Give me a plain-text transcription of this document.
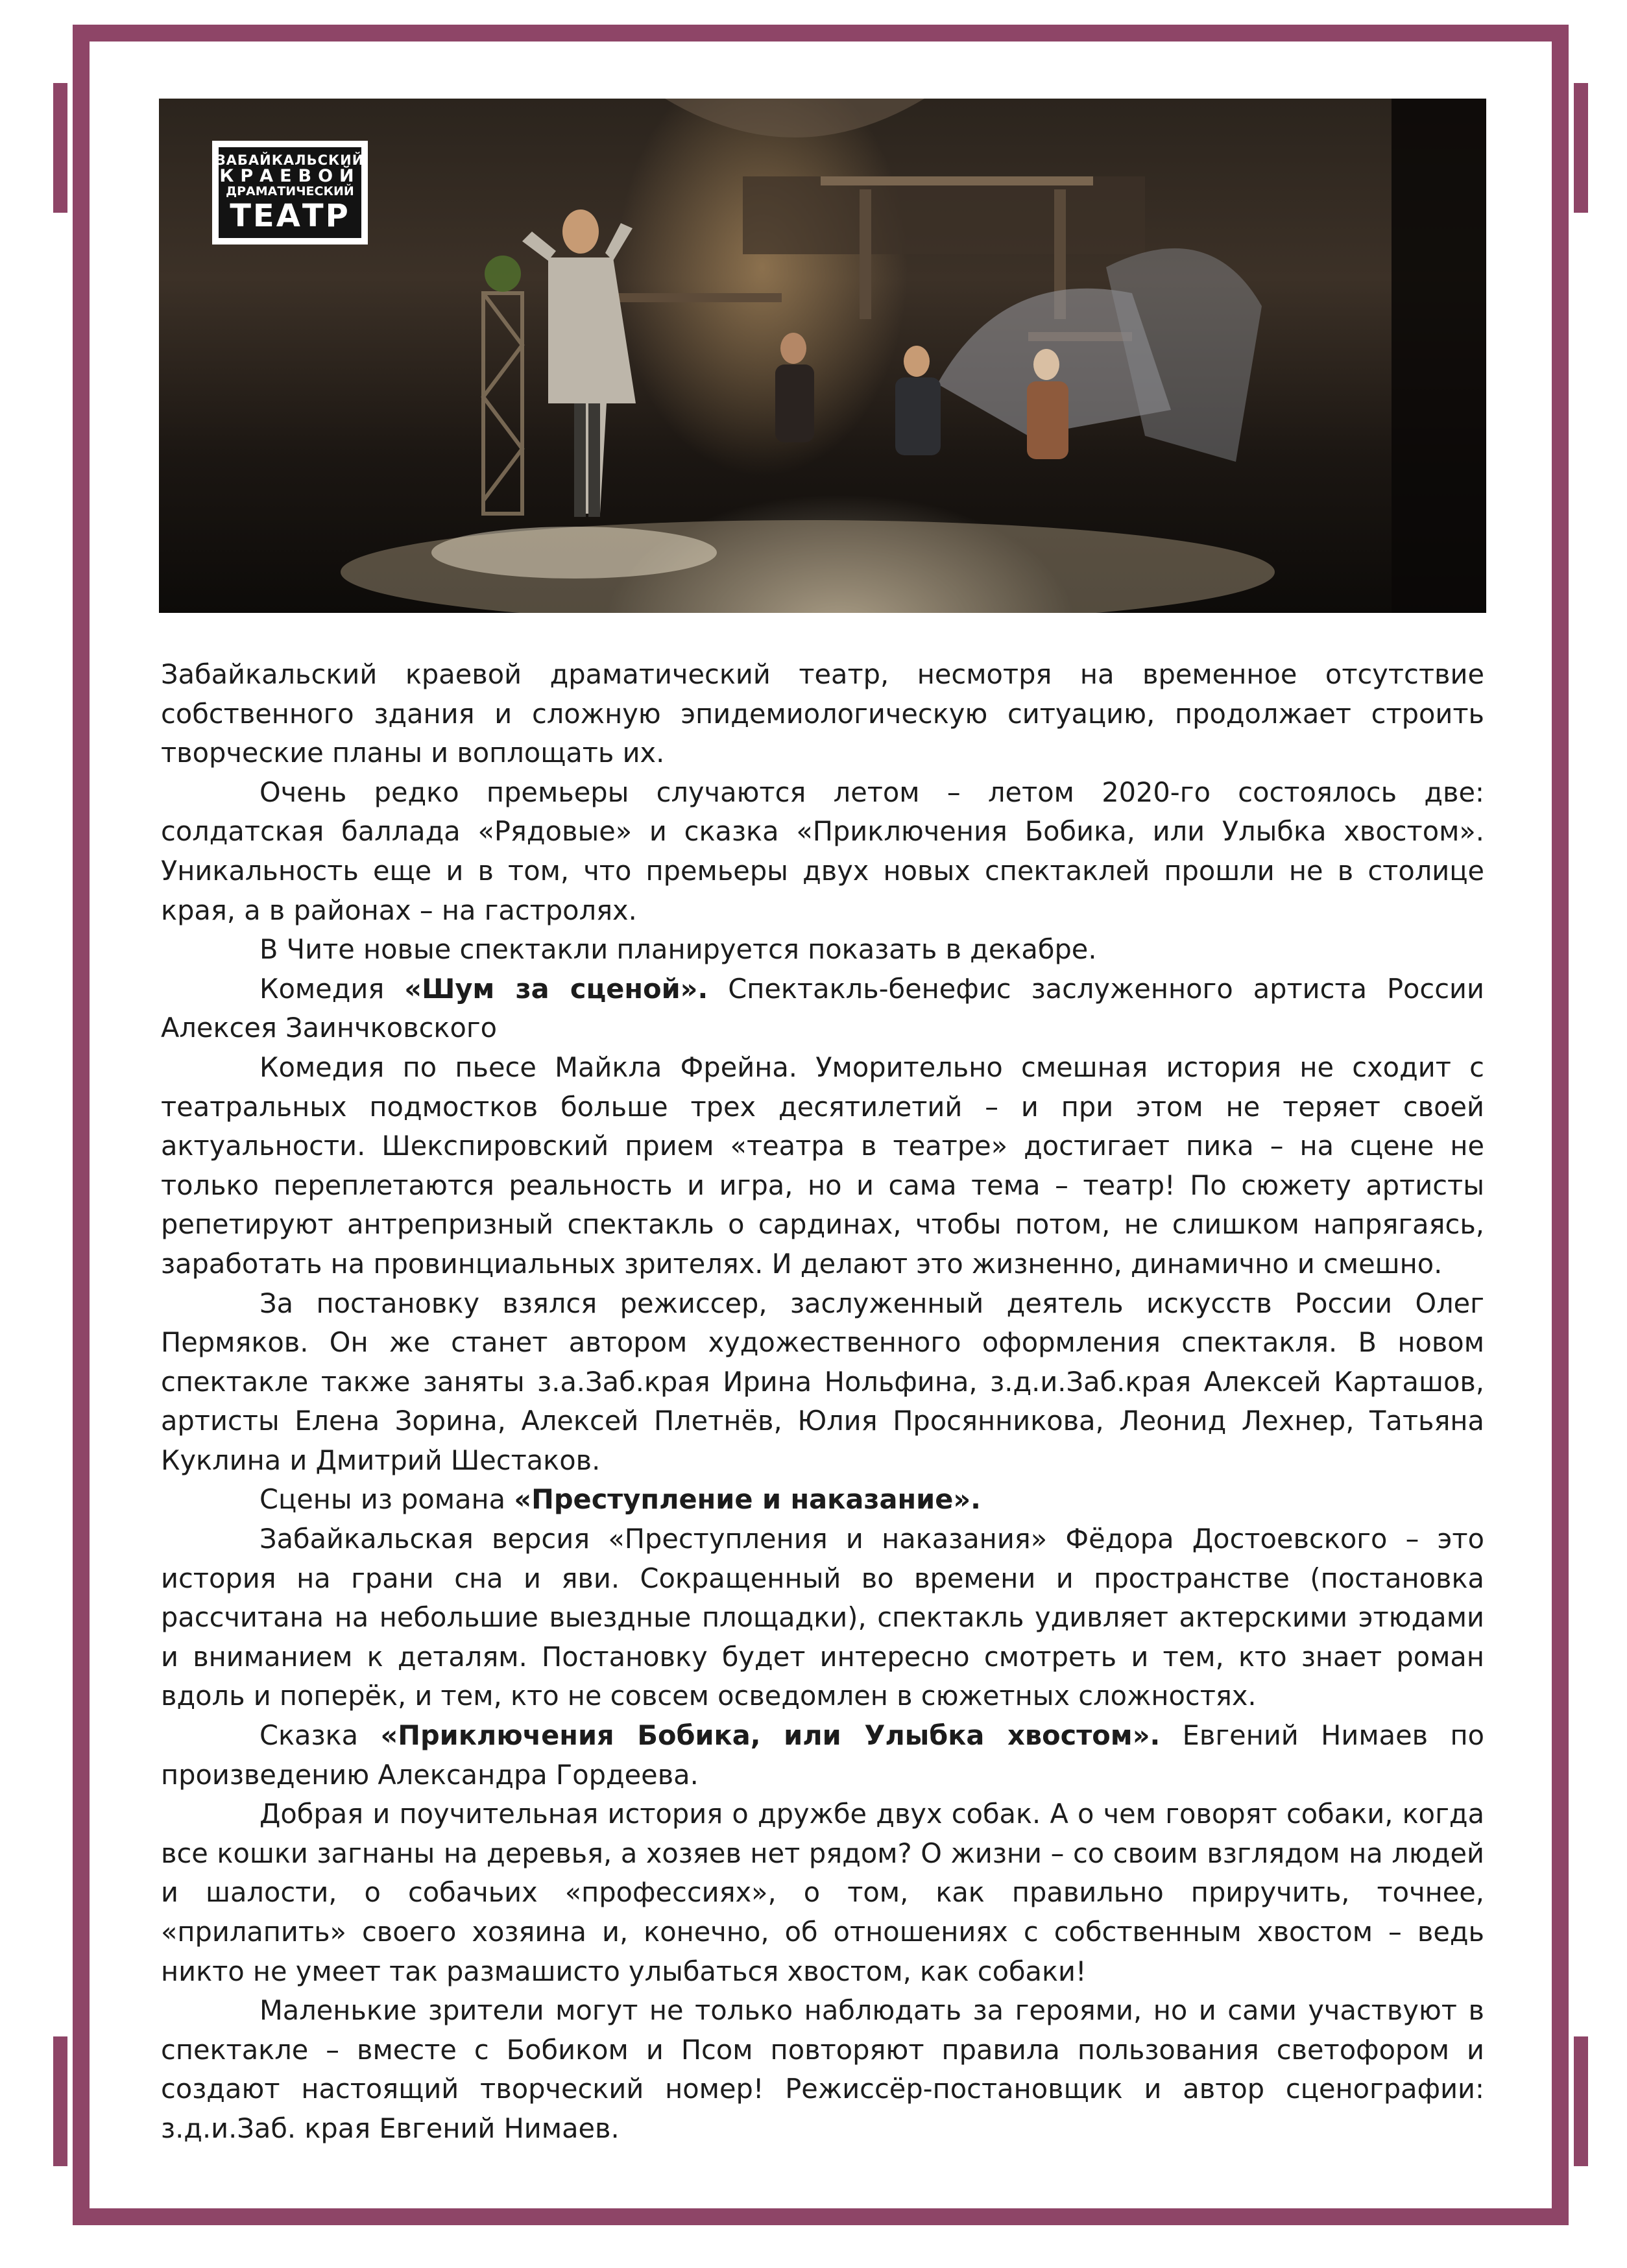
ЗАБАЙКАЛЬСКИЙ
КРАЕВОЙ
ДРАМАТИЧЕСКИЙ
ТЕАТР

Забайкальский краевой драматический театр, несмотря на временное отсутствие собственного здания и сложную эпидемиологическую ситуацию, продолжает строить творческие планы и воплощать их.

Очень редко премьеры случаются летом – летом 2020-го состоялось две: солдатская баллада «Рядовые» и сказка «Приключения Бобика, или Улыбка хвостом». Уникальность еще и в том, что премьеры двух новых спектаклей прошли не в столице края, а в районах – на гастролях.

В Чите новые спектакли планируется показать в декабре.

Комедия «Шум за сценой». Спектакль-бенефис заслуженного артиста России Алексея Заинчковского

Комедия по пьесе Майкла Фрейна. Уморительно смешная история не сходит с театральных подмостков больше трех десятилетий – и при этом не теряет своей актуальности. Шекспировский прием «театра в театре» достигает пика – на сцене не только переплетаются реальность и игра, но и сама тема – театр! По сюжету артисты репетируют антрепризный спектакль о сардинах, чтобы потом, не слишком напрягаясь, заработать на провинциальных зрителях. И делают это жизненно, динамично и смешно.

За постановку взялся режиссер, заслуженный деятель искусств России Олег Пермяков. Он же станет автором художественного оформления спектакля. В новом спектакле также заняты з.а.Заб.края Ирина Нольфина, з.д.и.Заб.края Алексей Карташов, артисты Елена Зорина, Алексей Плетнёв, Юлия Просянникова, Леонид Лехнер, Татьяна Куклина и Дмитрий Шестаков.

Сцены из романа «Преступление и наказание».

Забайкальская версия «Преступления и наказания» Фёдора Достоевского – это история на грани сна и яви. Сокращенный во времени и пространстве (постановка рассчитана на небольшие выездные площадки), спектакль удивляет актерскими этюдами и вниманием к деталям. Постановку будет интересно смотреть и тем, кто знает роман вдоль и поперёк, и тем, кто не совсем осведомлен в сюжетных сложностях.

Сказка «Приключения Бобика, или Улыбка хвостом». Евгений Нимаев по произведению Александра Гордеева.

Добрая и поучительная история о дружбе двух собак. А о чем говорят собаки, когда все кошки загнаны на деревья, а хозяев нет рядом? О жизни – со своим взглядом на людей и шалости, о собачьих «профессиях», о том, как правильно приручить, точнее, «прилапить» своего хозяина и, конечно, об отношениях с собственным хвостом – ведь никто не умеет так размашисто улыбаться хвостом, как собаки!

Маленькие зрители могут не только наблюдать за героями, но и сами участвуют в спектакле – вместе с Бобиком и Псом повторяют правила пользования светофором и создают настоящий творческий номер! Режиссёр-постановщик и автор сценографии: з.д.и.Заб. края Евгений Нимаев.
